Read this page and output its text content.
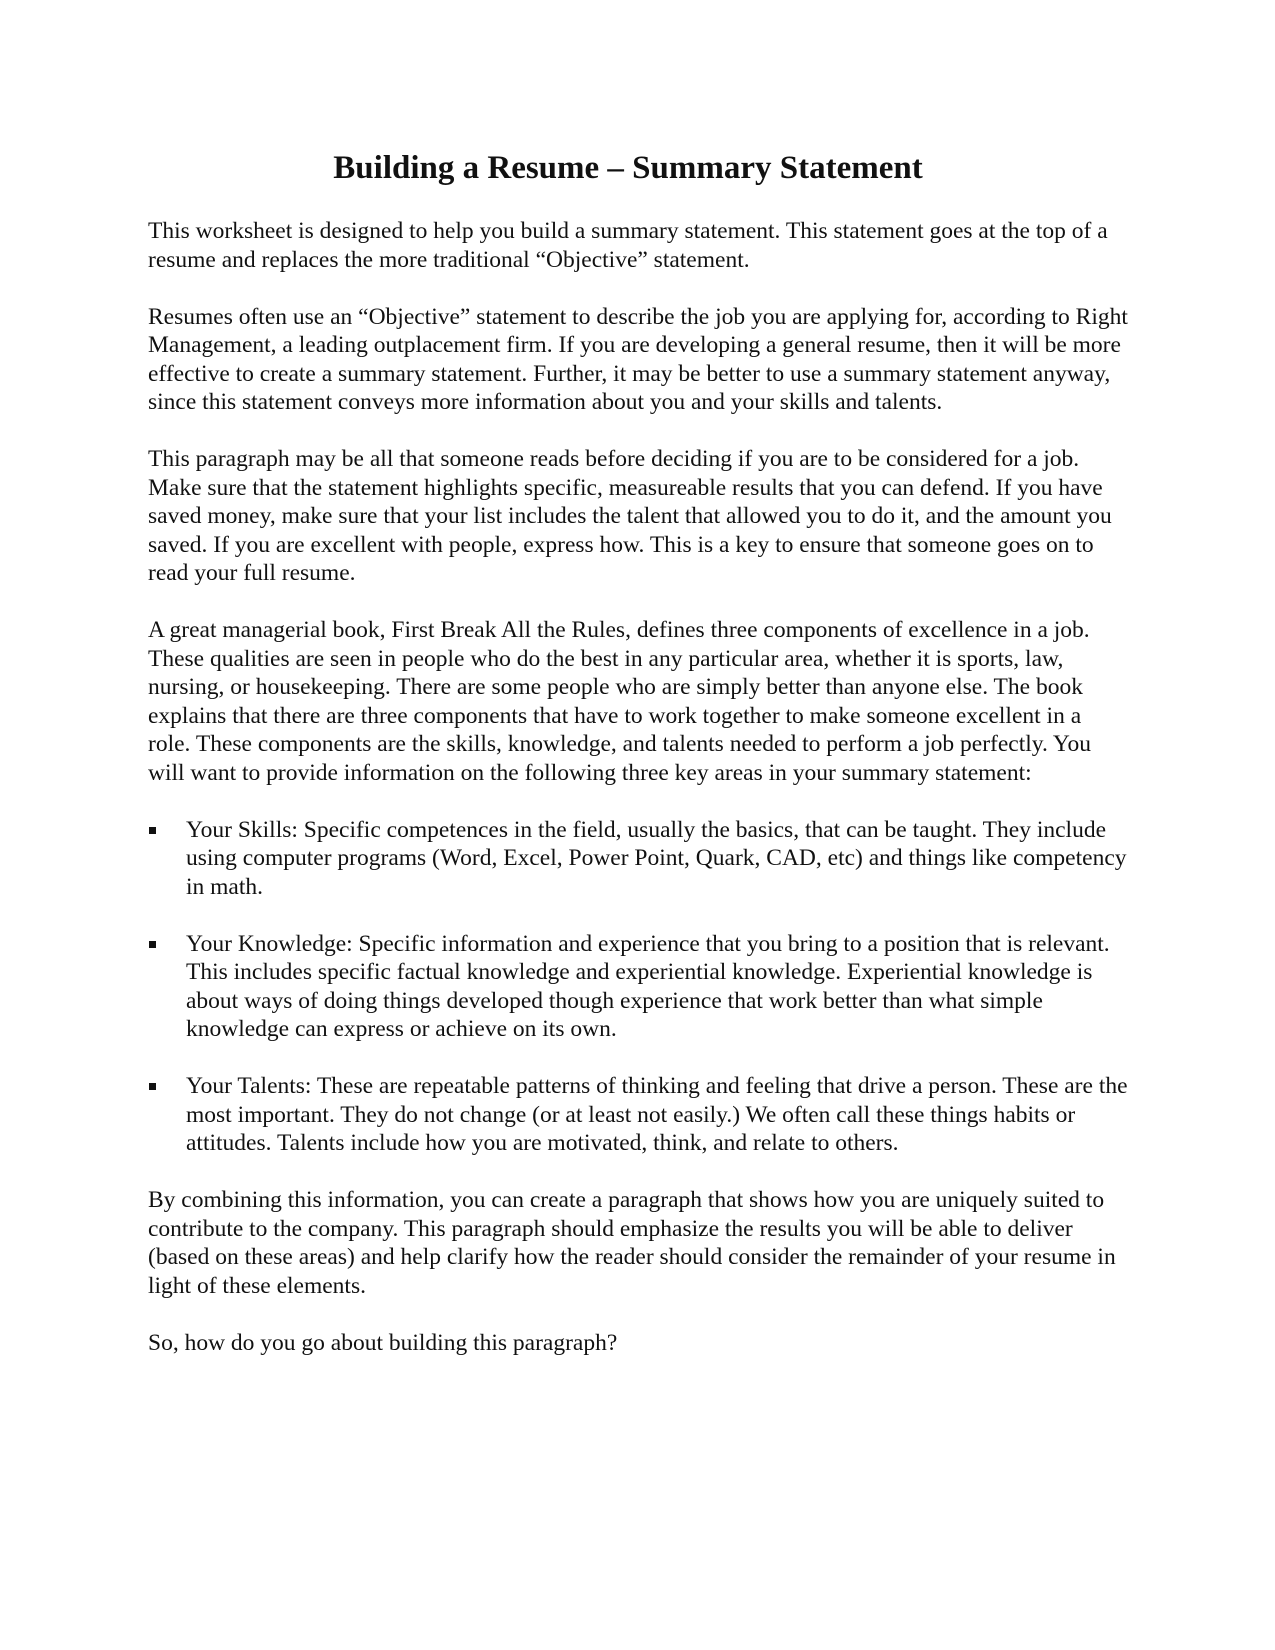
Building a Resume – Summary Statement

This worksheet is designed to help you build a summary statement. This statement goes at the top of a resume and replaces the more traditional “Objective” statement.

Resumes often use an “Objective” statement to describe the job you are applying for, according to Right Management, a leading outplacement firm. If you are developing a general resume, then it will be more effective to create a summary statement. Further, it may be better to use a summary statement anyway, since this statement conveys more information about you and your skills and talents.

This paragraph may be all that someone reads before deciding if you are to be considered for a job. Make sure that the statement highlights specific, measureable results that you can defend. If you have saved money, make sure that your list includes the talent that allowed you to do it, and the amount you saved. If you are excellent with people, express how. This is a key to ensure that someone goes on to read your full resume.

A great managerial book, First Break All the Rules, defines three components of excellence in a job. These qualities are seen in people who do the best in any particular area, whether it is sports, law, nursing, or housekeeping. There are some people who are simply better than anyone else. The book explains that there are three components that have to work together to make someone excellent in a role. These components are the skills, knowledge, and talents needed to perform a job perfectly. You will want to provide information on the following three key areas in your summary statement:

Your Skills: Specific competences in the field, usually the basics, that can be taught. They include using computer programs (Word, Excel, Power Point, Quark, CAD, etc) and things like competency in math.
Your Knowledge: Specific information and experience that you bring to a position that is relevant. This includes specific factual knowledge and experiential knowledge. Experiential knowledge is about ways of doing things developed though experience that work better than what simple knowledge can express or achieve on its own.
Your Talents: These are repeatable patterns of thinking and feeling that drive a person. These are the most important. They do not change (or at least not easily.) We often call these things habits or attitudes. Talents include how you are motivated, think, and relate to others.

By combining this information, you can create a paragraph that shows how you are uniquely suited to contribute to the company. This paragraph should emphasize the results you will be able to deliver (based on these areas) and help clarify how the reader should consider the remainder of your resume in light of these elements.

So, how do you go about building this paragraph?
